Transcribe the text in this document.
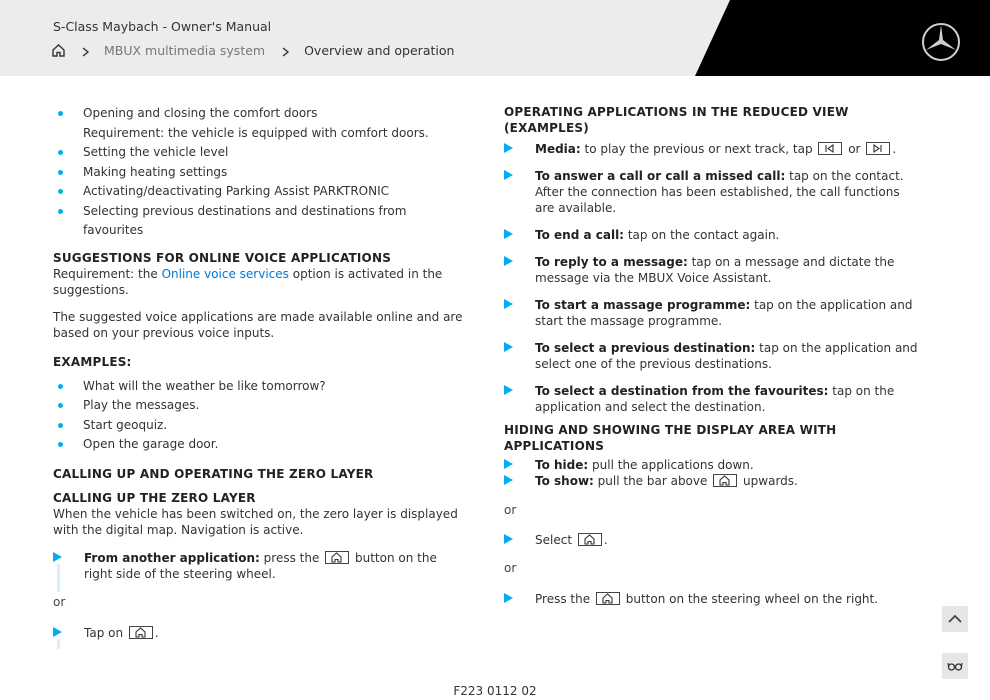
S-Class Maybach - Owner's Manual
MBUX multimedia system	Overview and operation
Opening and closing the comfort doors
Requirement: the vehicle is equipped with comfort doors.
Setting the vehicle level
Making heating settings
Activating/deactivating Parking Assist PARKTRONIC
Selecting previous destinations and destinations from favourites

SUGGESTIONS FOR ONLINE VOICE APPLICATIONS

Requirement: the Online voice services option is activated in the suggestions.

The suggested voice applications are made available online and are based on your previous voice inputs.

EXAMPLES:

What will the weather be like tomorrow?
Play the messages.
Start geoquiz.
Open the garage door.

CALLING UP AND OPERATING THE ZERO LAYER

CALLING UP THE ZERO LAYER

When the vehicle has been switched on, the zero layer is displayed with the digital map. Navigation is active.

From another application: press the	button on the right side of the steering wheel.

or

Tap on	.

OPERATING APPLICATIONS IN THE REDUCED VIEW (EXAMPLES)

Media: to play the previous or next track, tap	or	.
To answer a call or call a missed call: tap on the contact.

After the connection has been established, the call functions are available.

To end a call: tap on the contact again.
To reply to a message: tap on a message and dictate the message via the MBUX Voice Assistant.
To start a massage programme: tap on the application and start the massage programme.
To select a previous destination: tap on the application and select one of the previous destinations.
To select a destination from the favourites: tap on the application and select the destination.

HIDING AND SHOWING THE DISPLAY AREA WITH APPLICATIONS

To hide: pull the applications down.
To show: pull the bar above	upwards.

or

Select	.

or

Press the	button on the steering wheel on the right.
F223 0112 02
